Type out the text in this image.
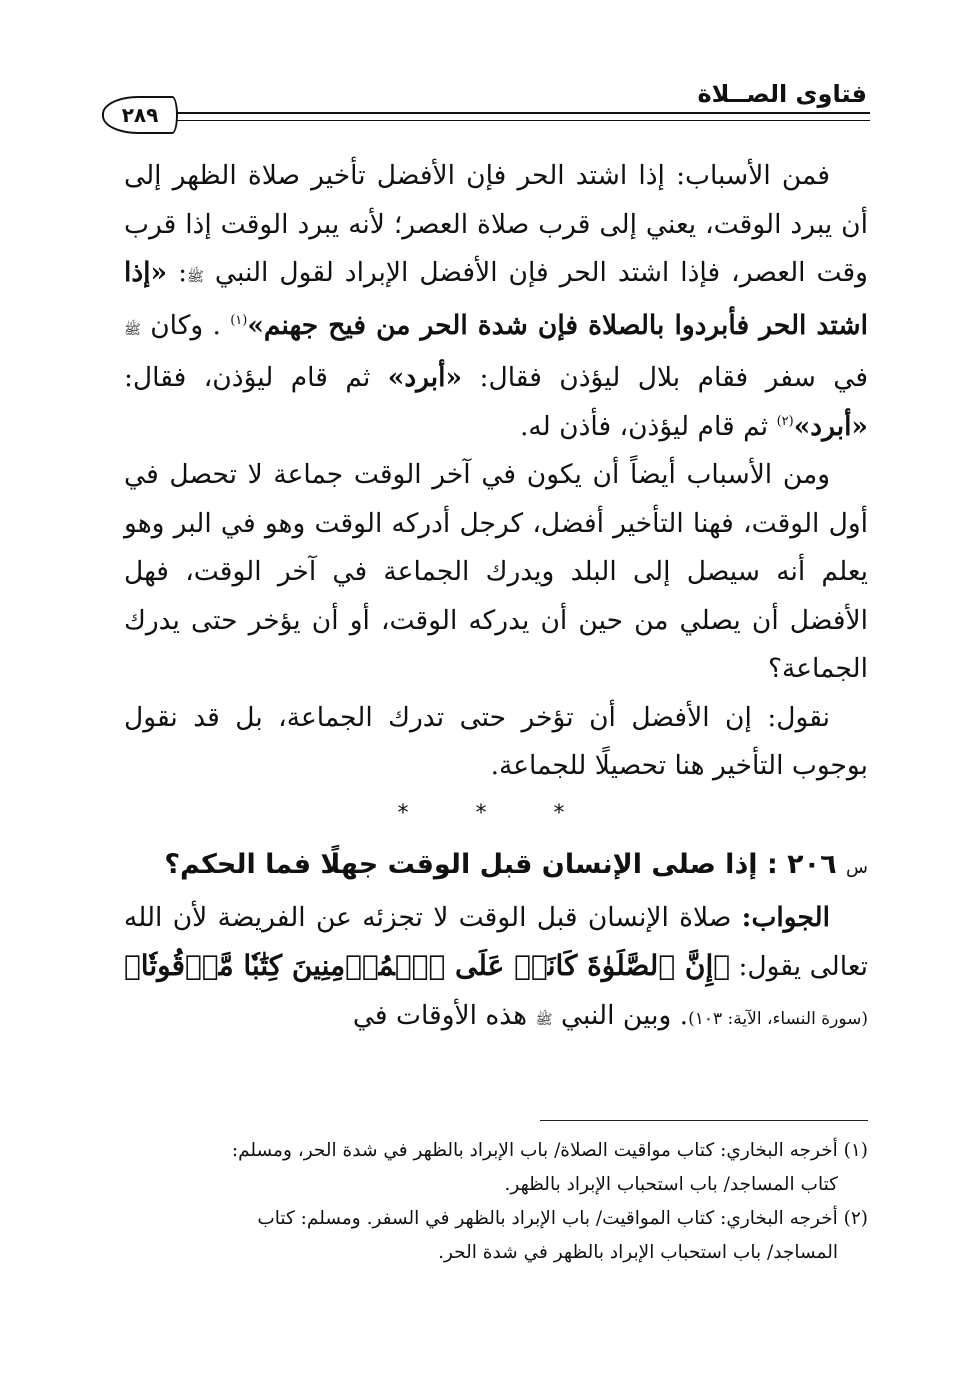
فتاوى الصــلاة
٢٨٩

فمن الأسباب: إذا اشتد الحر فإن الأفضل تأخير صلاة الظهر إلى أن يبرد الوقت، يعني إلى قرب صلاة العصر؛ لأنه يبرد الوقت إذا قرب وقت العصر، فإذا اشتد الحر فإن الأفضل الإبراد لقول النبي ﷺ: «إذا اشتد الحر فأبردوا بالصلاة فإن شدة الحر من فيح جهنم»$^{(١)}$ . وكان ﷺ في سفر فقام بلال ليؤذن فقال: «أبرد» ثم قام ليؤذن، فقال: «أبرد»$^{(٢)}$ ثم قام ليؤذن، فأذن له.

ومن الأسباب أيضاً أن يكون في آخر الوقت جماعة لا تحصل في أول الوقت، فهنا التأخير أفضل، كرجل أدركه الوقت وهو في البر وهو يعلم أنه سيصل إلى البلد ويدرك الجماعة في آخر الوقت، فهل الأفضل أن يصلي من حين أن يدركه الوقت، أو أن يؤخر حتى يدرك الجماعة؟

نقول: إن الأفضل أن تؤخر حتى تدرك الجماعة، بل قد نقول بوجوب التأخير هنا تحصيلًا للجماعة.

* * *

س ٢٠٦ : إذا صلى الإنسان قبل الوقت جهلًا فما الحكم؟

الجواب: صلاة الإنسان قبل الوقت لا تجزئه عن الفريضة لأن الله تعالى يقول: ﴿إِنَّ ٱلصَّلَوٰةَ كَانَتۡ عَلَى ٱلۡمُؤۡمِنِينَ كِتَٰبٗا مَّوۡقُوتٗا﴾ (سورة النساء، الآية: ١٠٣). وبين النبي ﷺ هذه الأوقات في

(١) أخرجه البخاري: كتاب مواقيت الصلاة/ باب الإبراد بالظهر في شدة الحر، ومسلم:

كتاب المساجد/ باب استحباب الإبراد بالظهر.

(٢) أخرجه البخاري: كتاب المواقيت/ باب الإبراد بالظهر في السفر. ومسلم: كتاب

المساجد/ باب استحباب الإبراد بالظهر في شدة الحر.
